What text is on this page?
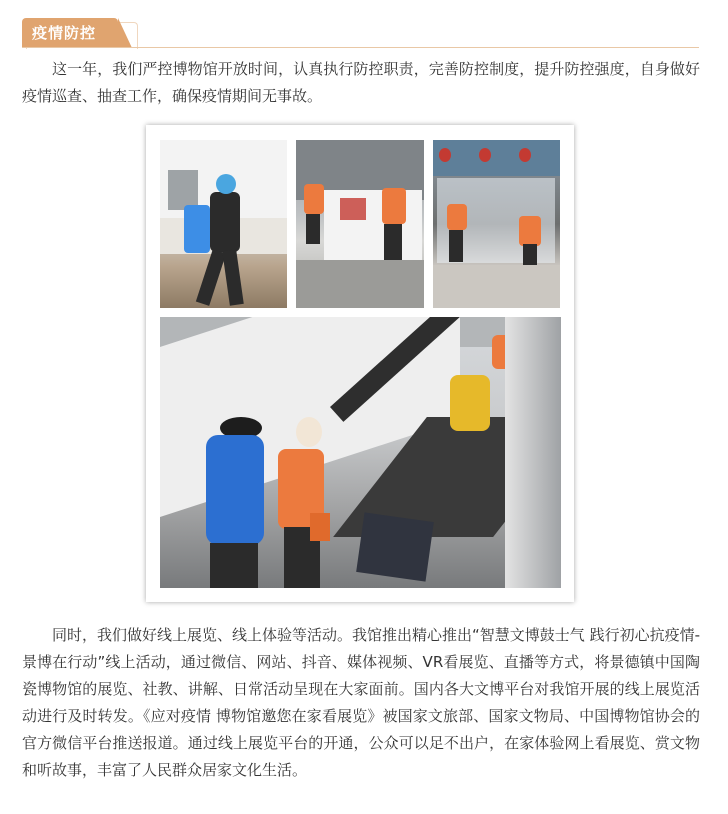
疫情防控

这一年，我们严控博物馆开放时间，认真执行防控职责，完善防控制度，提升防控强度，自身做好疫情巡查、抽查工作，确保疫情期间无事故。

同时，我们做好线上展览、线上体验等活动。我馆推出精心推出“智慧文博鼓士气 践行初心抗疫情-景博在行动”线上活动，通过微信、网站、抖音、媒体视频、VR看展览、直播等方式，将景德镇中国陶瓷博物馆的展览、社教、讲解、日常活动呈现在大家面前。国内各大文博平台对我馆开展的线上展览活动进行及时转发。《应对疫情 博物馆邀您在家看展览》被国家文旅部、国家文物局、中国博物馆协会的官方微信平台推送报道。通过线上展览平台的开通，公众可以足不出户，在家体验网上看展览、赏文物和听故事，丰富了人民群众居家文化生活。
